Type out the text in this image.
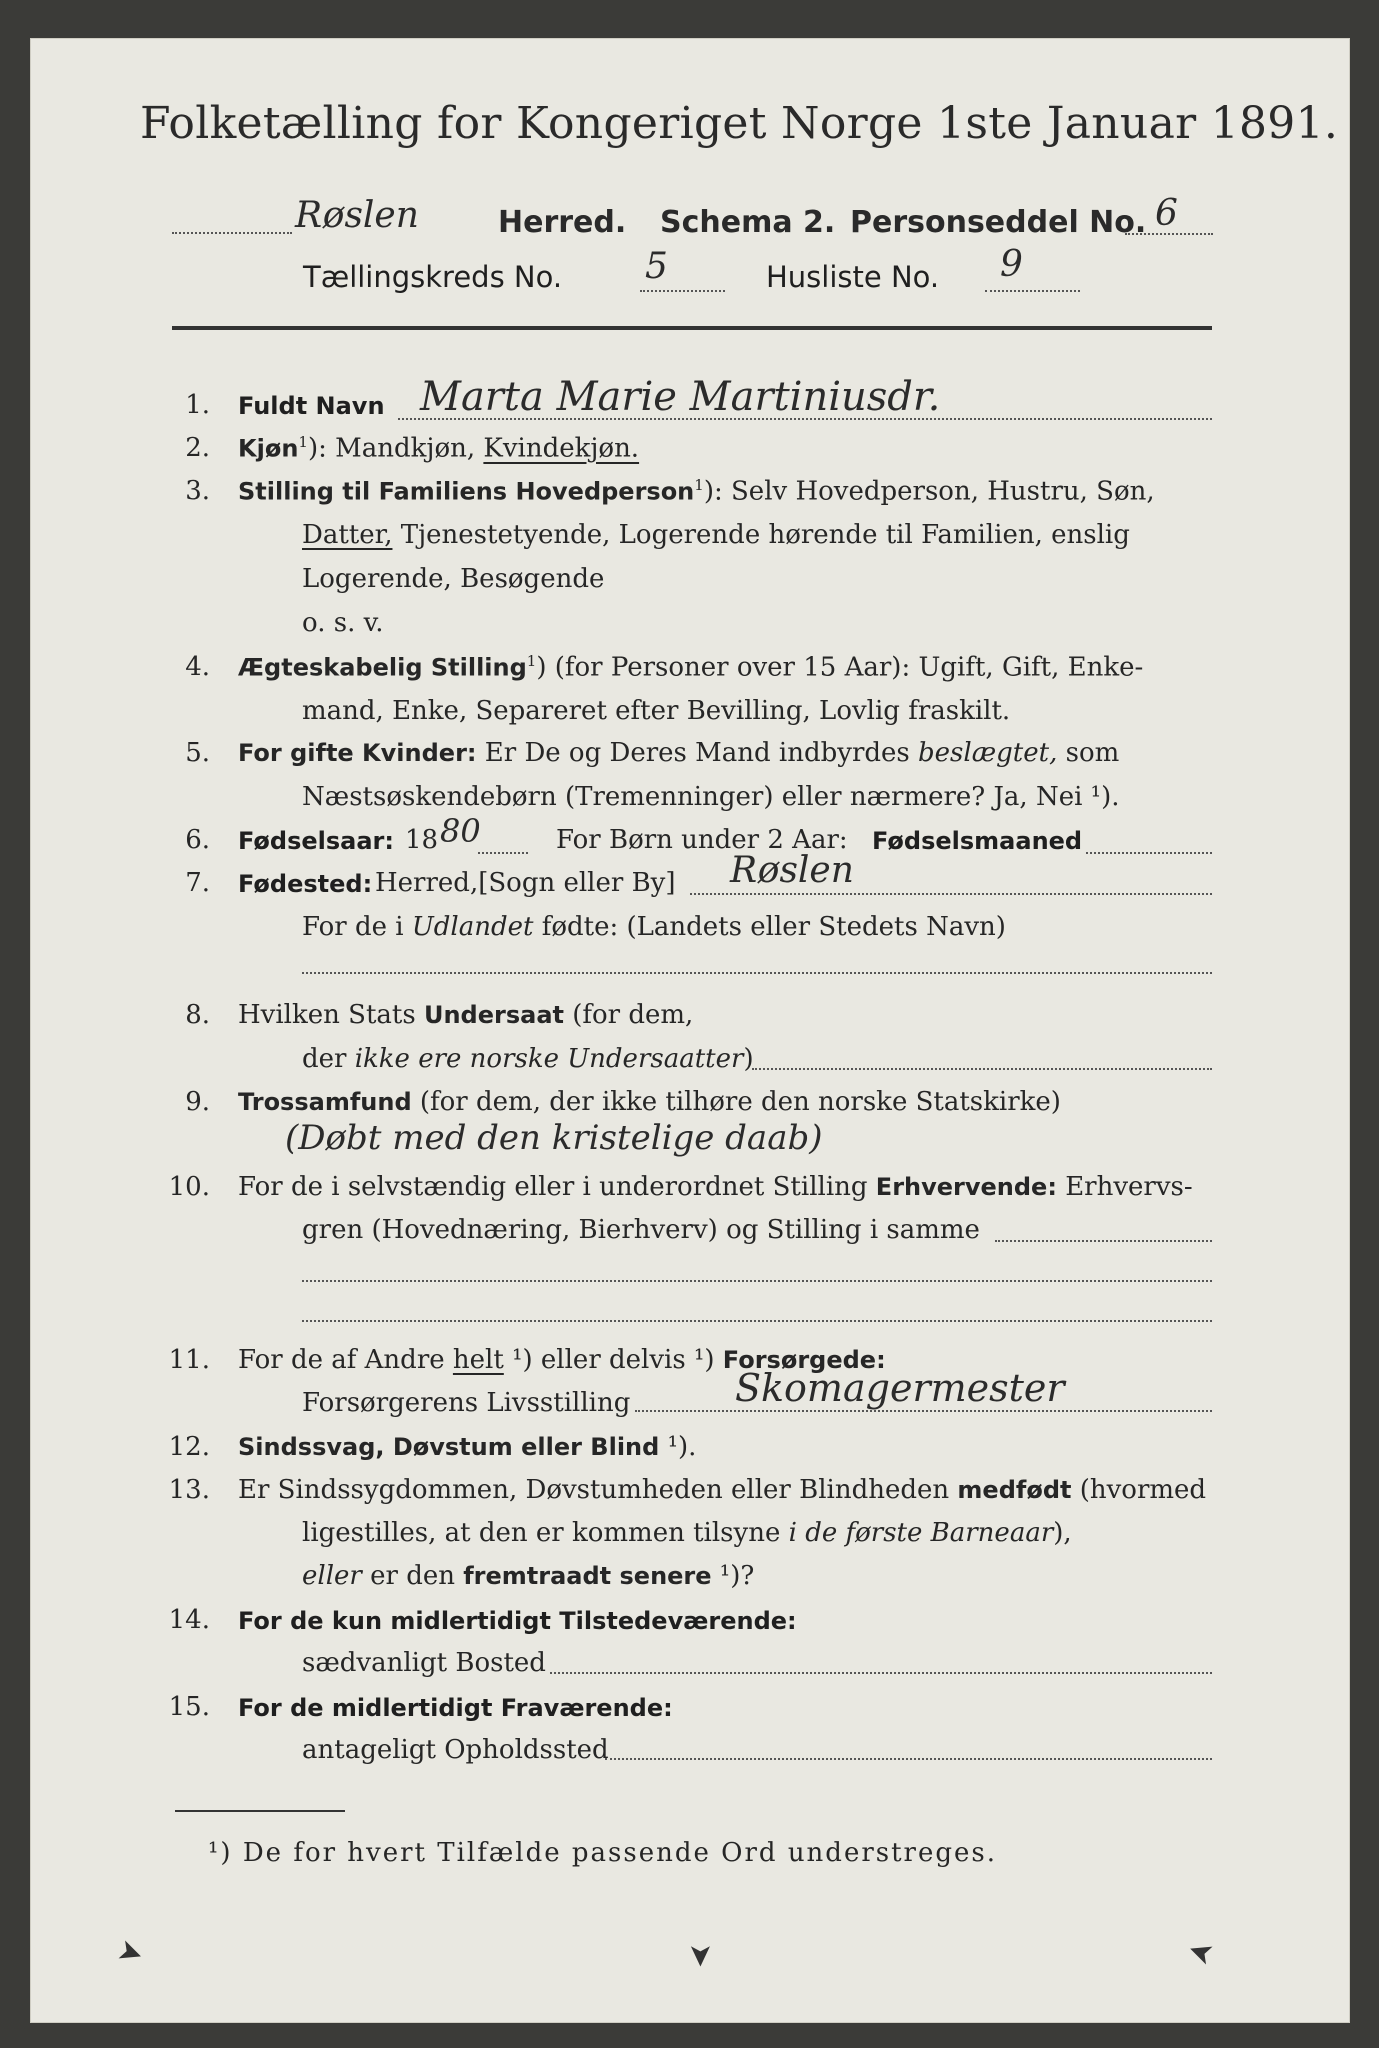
Folketælling for Kongeriget Norge 1ste Januar 1891.
Røslen	Herred. Schema 2. Personseddel No. 6
Tællingskreds No. 5	Husliste No. 9
1. Fuldt Navn Marta Marie Martiniusdr.
2. Kjøn$^1$): Mandkjøn, Kvindekjøn.
3. Stilling til Familiens Hovedperson$^1$): Selv Hovedperson, Hustru, Søn,
Datter, Tjenestetyende, Logerende hørende til Familien, enslig
Logerende, Besøgende
o. s. v.
4. Ægteskabelig Stilling$^1$) (for Personer over 15 Aar): Ugift, Gift, Enke-
mand, Enke, Separeret efter Bevilling, Lovlig fraskilt.
5. For gifte Kvinder: Er De og Deres Mand indbyrdes beslægtet, som
Næstsøskendebørn (Tremenninger) eller nærmere? Ja, Nei ¹).
6. Fødselsaar: 18 80	For Børn under 2 Aar: Fødselsmaaned
7. Fødested: Herred,[Sogn eller By] Røslen
For de i Udlandet fødte: (Landets eller Stedets Navn)
8. Hvilken Stats Undersaat (for dem,
der ikke ere norske Undersaatter)
9. Trossamfund (for dem, der ikke tilhøre den norske Statskirke)
(Døbt med den kristelige daab)
10. For de i selvstændig eller i underordnet Stilling Erhvervende: Erhvervs-
gren (Hovednæring, Bierhverv) og Stilling i samme
11. For de af Andre helt ¹) eller delvis ¹) Forsørgede:
Forsørgerens Livsstilling	Skomagermester
12. Sindssvag, Døvstum eller Blind ¹).
13. Er Sindssygdommen, Døvstumheden eller Blindheden medfødt (hvormed
ligestilles, at den er kommen tilsyne i de første Barneaar),
eller er den fremtraadt senere ¹)?
14. For de kun midlertidigt Tilstedeværende:
sædvanligt Bosted
15. For de midlertidigt Fraværende:
antageligt Opholdssted
¹) De for hvert Tilfælde passende Ord understreges.
➤	➤	➤
